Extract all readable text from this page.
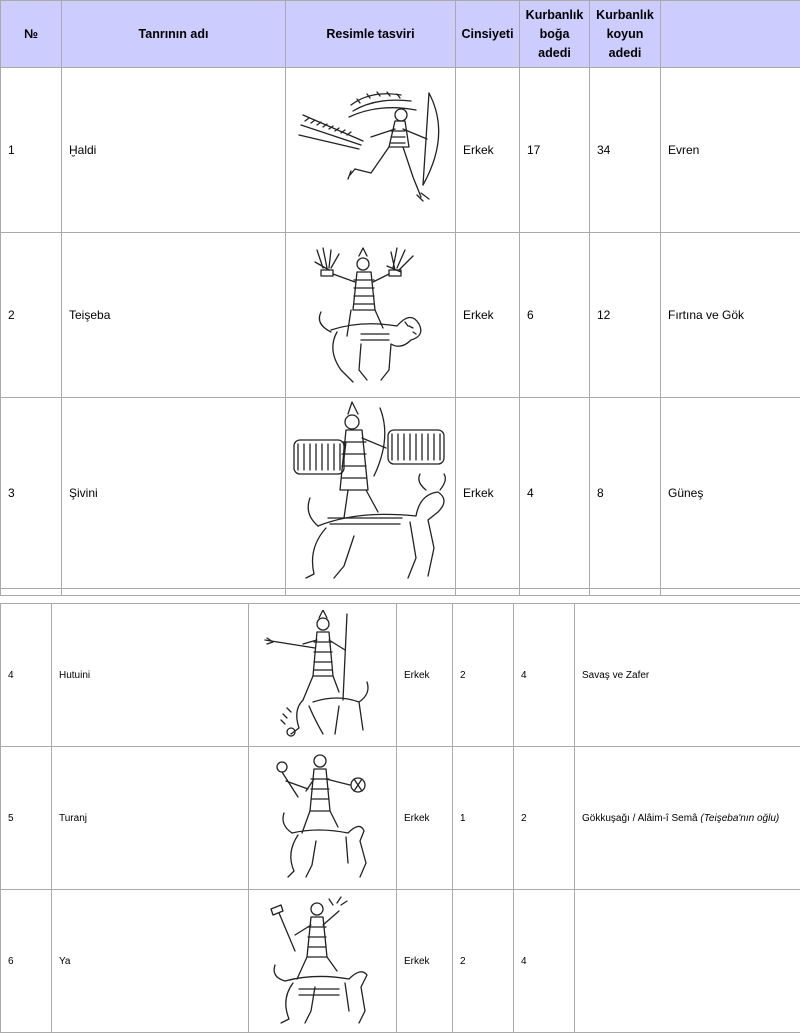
№	Tanrının adı	Resimle tasviri	Cinsiyeti	Kurbanlık boğa adedi	Kurbanlık koyun adedi	
1	Ḫaldi		Erkek	17	34	Evren
2	Teişeba		Erkek	6	12	Fırtına ve Gök
3	Şivini		Erkek	4	8	Güneş

4	Hutuini		Erkek	2	4	Savaş ve Zafer
5	Turanj		Erkek	1	2	Gökkuşağı / Alâim-î Semâ (Teişeba'nın oğlu)
6	Ya		Erkek	2	4	
